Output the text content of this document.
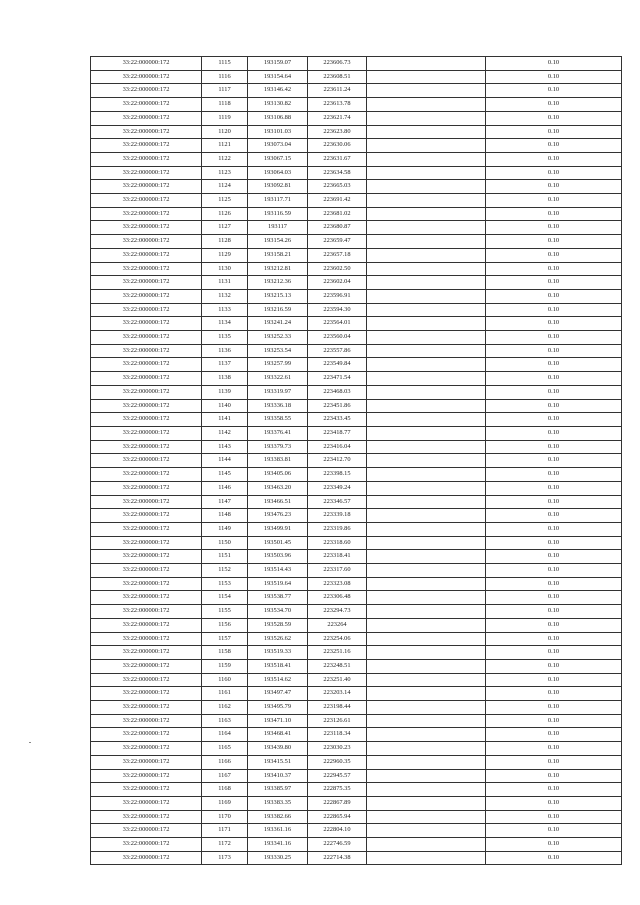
33:22:000000:172	1115	193159.07	223606.73		0.10
33:22:000000:172	1116	193154.64	223608.51		0.10
33:22:000000:172	1117	193146.42	223611.24		0.10
33:22:000000:172	1118	193130.82	223613.78		0.10
33:22:000000:172	1119	193106.88	223621.74		0.10
33:22:000000:172	1120	193101.03	223623.80		0.10
33:22:000000:172	1121	193073.04	223630.06		0.10
33:22:000000:172	1122	193067.15	223631.67		0.10
33:22:000000:172	1123	193064.03	223634.58		0.10
33:22:000000:172	1124	193092.81	223665.03		0.10
33:22:000000:172	1125	193117.71	223691.42		0.10
33:22:000000:172	1126	193116.59	223681.02		0.10
33:22:000000:172	1127	193117	223680.87		0.10
33:22:000000:172	1128	193154.26	223659.47		0.10
33:22:000000:172	1129	193158.21	223657.18		0.10
33:22:000000:172	1130	193212.81	223602.50		0.10
33:22:000000:172	1131	193212.36	223602.04		0.10
33:22:000000:172	1132	193215.13	223596.91		0.10
33:22:000000:172	1133	193216.59	223594.30		0.10
33:22:000000:172	1134	193241.24	223564.01		0.10
33:22:000000:172	1135	193252.33	223560.04		0.10
33:22:000000:172	1136	193253.54	223557.86		0.10
33:22:000000:172	1137	193257.99	223549.84		0.10
33:22:000000:172	1138	193322.61	223471.54		0.10
33:22:000000:172	1139	193319.97	223468.03		0.10
33:22:000000:172	1140	193336.18	223451.86		0.10
33:22:000000:172	1141	193358.55	223433.45		0.10
33:22:000000:172	1142	193376.41	223418.77		0.10
33:22:000000:172	1143	193379.73	223416.04		0.10
33:22:000000:172	1144	193383.81	223412.70		0.10
33:22:000000:172	1145	193405.06	223398.15		0.10
33:22:000000:172	1146	193463.20	223349.24		0.10
33:22:000000:172	1147	193466.51	223346.57		0.10
33:22:000000:172	1148	193476.23	223339.18		0.10
33:22:000000:172	1149	193499.91	223319.86		0.10
33:22:000000:172	1150	193501.45	223318.60		0.10
33:22:000000:172	1151	193503.96	223318.41		0.10
33:22:000000:172	1152	193514.43	223317.60		0.10
33:22:000000:172	1153	193519.64	223323.08		0.10
33:22:000000:172	1154	193538.77	223306.48		0.10
33:22:000000:172	1155	193534.70	223294.73		0.10
33:22:000000:172	1156	193528.59	223264		0.10
33:22:000000:172	1157	193526.62	223254.06		0.10
33:22:000000:172	1158	193519.33	223251.16		0.10
33:22:000000:172	1159	193518.41	223248.51		0.10
33:22:000000:172	1160	193514.62	223251.40		0.10
33:22:000000:172	1161	193497.47	223203.14		0.10
33:22:000000:172	1162	193495.79	223198.44		0.10
33:22:000000:172	1163	193471.10	223126.61		0.10
33:22:000000:172	1164	193468.41	223118.34		0.10
33:22:000000:172	1165	193439.80	223030.23		0.10
33:22:000000:172	1166	193415.51	222960.35		0.10
33:22:000000:172	1167	193410.37	222945.57		0.10
33:22:000000:172	1168	193385.97	222875.35		0.10
33:22:000000:172	1169	193383.35	222867.89		0.10
33:22:000000:172	1170	193382.66	222865.94		0.10
33:22:000000:172	1171	193361.16	222804.10		0.10
33:22:000000:172	1172	193341.16	222746.59		0.10
33:22:000000:172	1173	193330.25	222714.38		0.10
